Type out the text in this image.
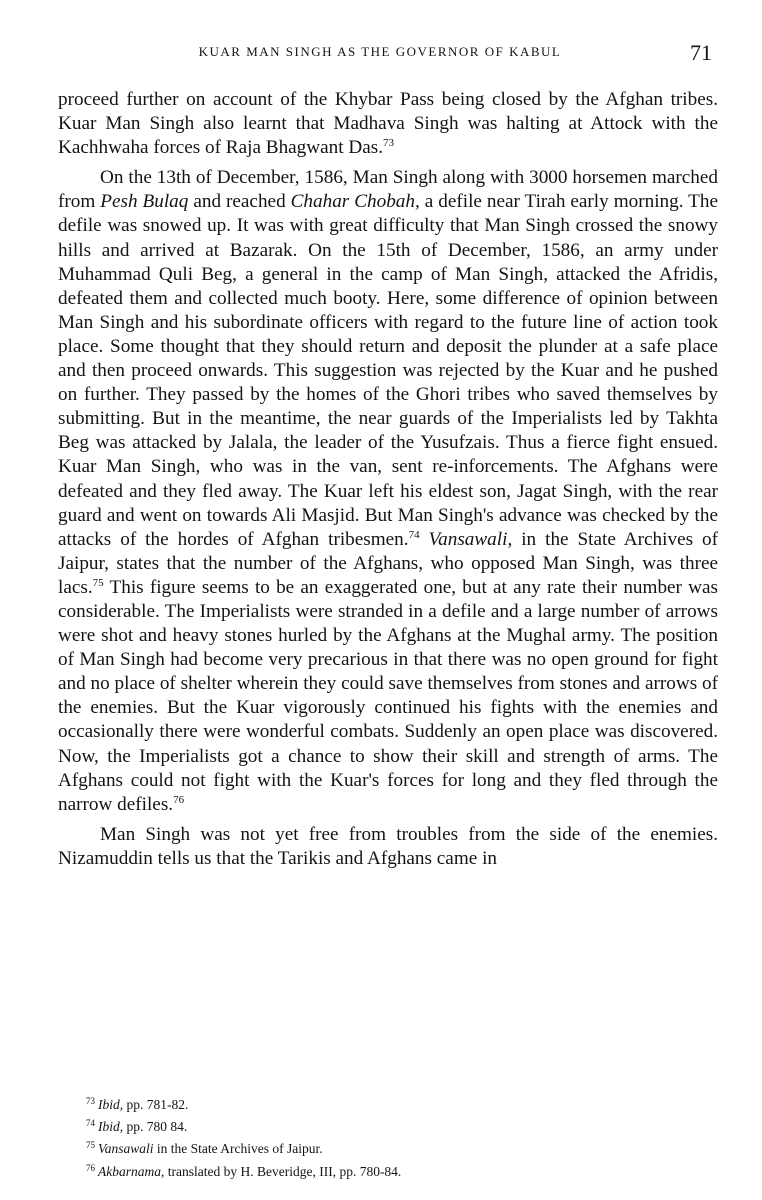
KUAR MAN SINGH AS THE GOVERNOR OF KABUL	71

proceed further on account of the Khybar Pass being closed by the Afghan tribes. Kuar Man Singh also learnt that Madhava Singh was halting at Attock with the Kachhwaha forces of Raja Bhagwant Das.$^{73}$

On the 13th of December, 1586, Man Singh along with 3000 horsemen marched from Pesh Bulaq and reached Chahar Chobah, a defile near Tirah early morning. The defile was snowed up. It was with great difficulty that Man Singh crossed the snowy hills and arrived at Bazarak. On the 15th of December, 1586, an army under Muhammad Quli Beg, a general in the camp of Man Singh, attacked the Afridis, defeated them and collected much booty. Here, some difference of opinion between Man Singh and his subordinate officers with regard to the future line of action took place. Some thought that they should return and deposit the plunder at a safe place and then proceed onwards. This suggestion was rejected by the Kuar and he pushed on further. They passed by the homes of the Ghori tribes who saved themselves by submitting. But in the meantime, the near guards of the Imperialists led by Takhta Beg was attacked by Jalala, the leader of the Yusufzais. Thus a fierce fight ensued. Kuar Man Singh, who was in the van, sent re-inforcements. The Afghans were defeated and they fled away. The Kuar left his eldest son, Jagat Singh, with the rear guard and went on towards Ali Masjid. But Man Singh's advance was checked by the attacks of the hordes of Afghan tribesmen.$^{74}$ Vansawali, in the State Archives of Jaipur, states that the number of the Afghans, who opposed Man Singh, was three lacs.$^{75}$ This figure seems to be an exaggerated one, but at any rate their number was considerable. The Imperialists were stranded in a defile and a large number of arrows were shot and heavy stones hurled by the Afghans at the Mughal army. The position of Man Singh had become very precarious in that there was no open ground for fight and no place of shelter wherein they could save themselves from stones and arrows of the enemies. But the Kuar vigorously continued his fights with the enemies and occasionally there were wonderful combats. Suddenly an open place was discovered. Now, the Imperialists got a chance to show their skill and strength of arms. The Afghans could not fight with the Kuar's forces for long and they fled through the narrow defiles.$^{76}$

Man Singh was not yet free from troubles from the side of the enemies. Nizamuddin tells us that the Tarikis and Afghans came in

$^{73}$ Ibid, pp. 781-82.
$^{74}$ Ibid, pp. 780 84.
$^{75}$ Vansawali in the State Archives of Jaipur.
$^{76}$ Akbarnama, translated by H. Beveridge, III, pp. 780-84.
